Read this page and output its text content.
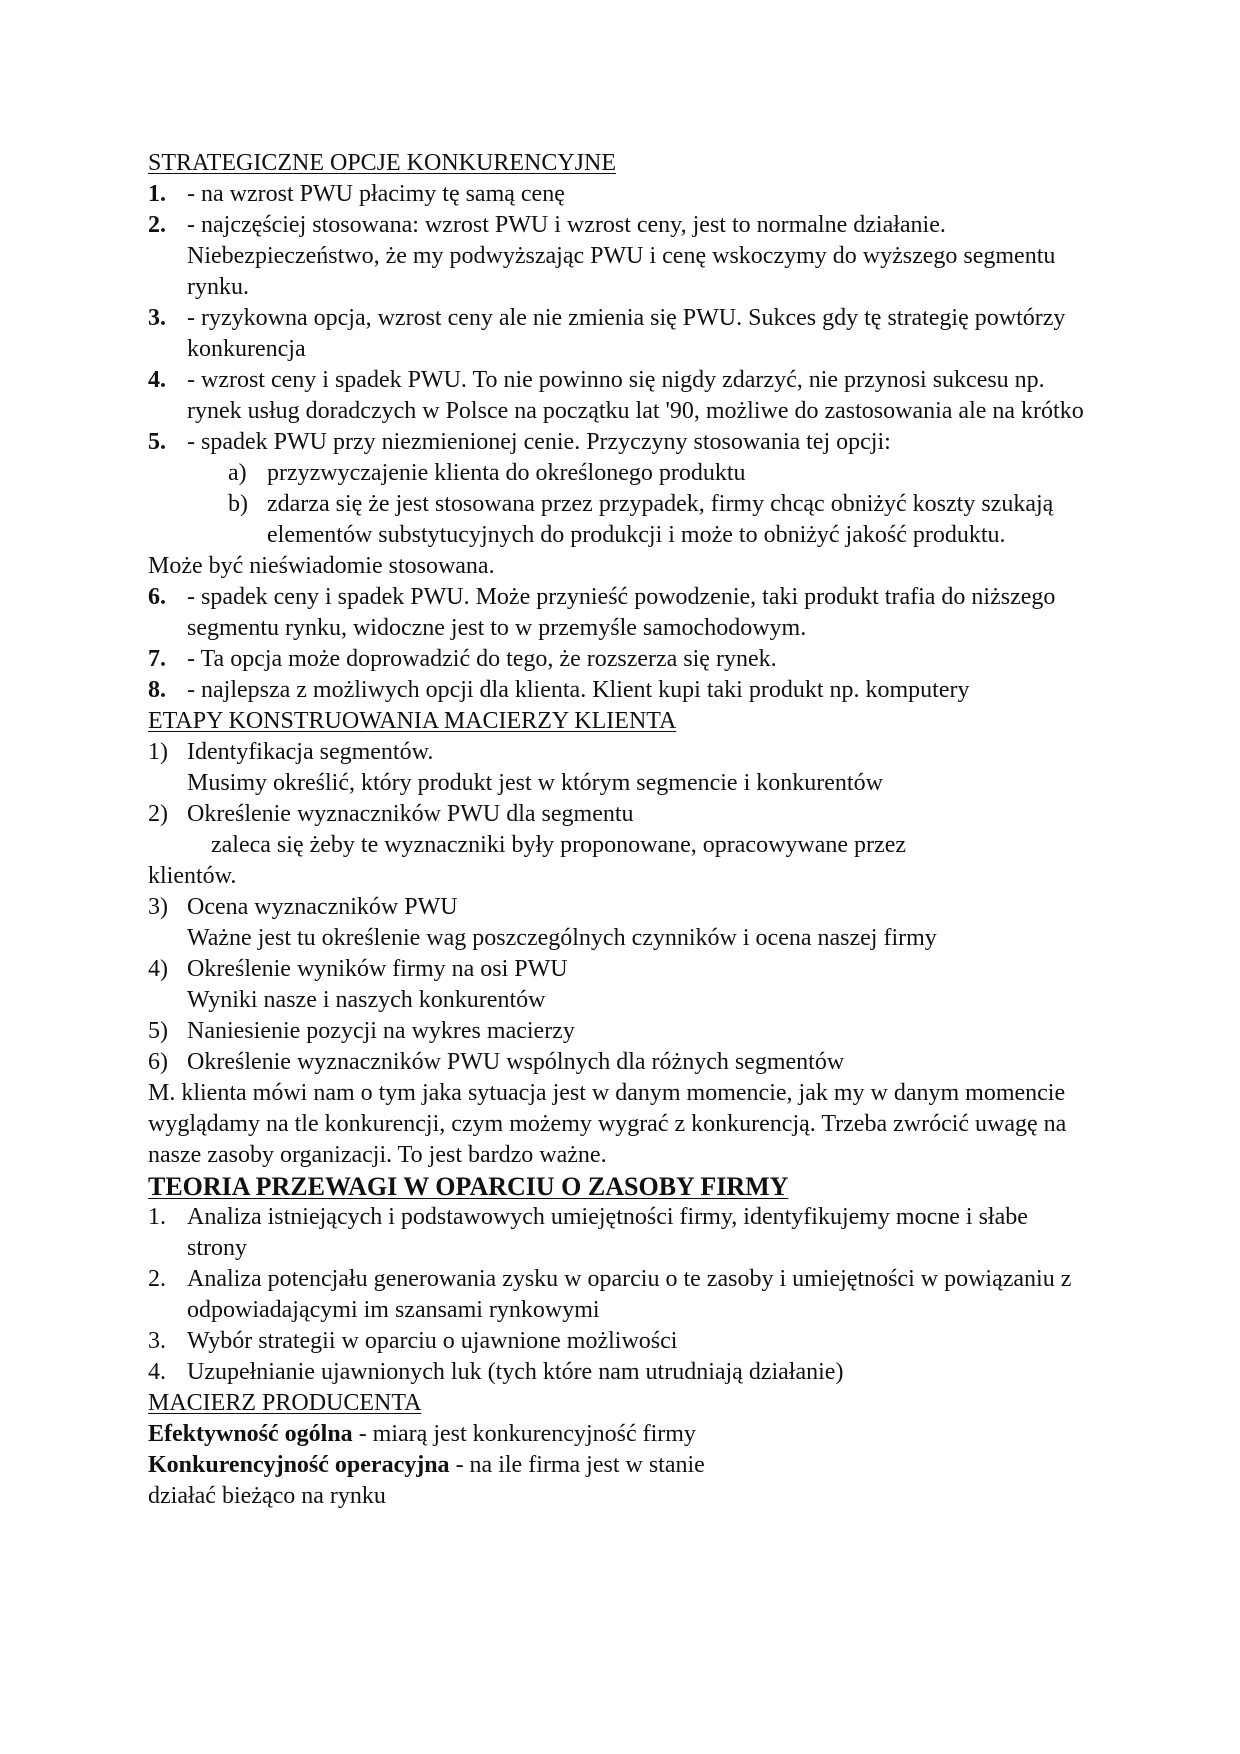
STRATEGICZNE OPCJE KONKURENCYJNE
1. - na wzrost PWU płacimy tę samą cenę
2. - najczęściej stosowana: wzrost PWU i wzrost ceny, jest to normalne działanie. Niebezpieczeństwo, że my podwyższając PWU i cenę wskoczymy do wyższego segmentu rynku.
3. - ryzykowna opcja, wzrost ceny ale nie zmienia się PWU. Sukces gdy tę strategię powtórzy konkurencja
4. - wzrost ceny i spadek PWU. To nie powinno się nigdy zdarzyć, nie przynosi sukcesu np. rynek usług doradczych w Polsce na początku lat '90, możliwe do zastosowania ale na krótko
5. - spadek PWU przy niezmienionej cenie. Przyczyny stosowania tej opcji:
a) przyzwyczajenie klienta do określonego produktu
b) zdarza się że jest stosowana przez przypadek, firmy chcąc obniżyć koszty szukają elementów substytucyjnych do produkcji i może to obniżyć jakość produktu.
Może być nieświadomie stosowana.
6. - spadek ceny i spadek PWU. Może przynieść powodzenie, taki produkt trafia do niższego segmentu rynku, widoczne jest to w przemyśle samochodowym.
7. - Ta opcja może doprowadzić do tego, że rozszerza się rynek.
8. - najlepsza z możliwych opcji dla klienta. Klient kupi taki produkt np. komputery
ETAPY KONSTRUOWANIA MACIERZY KLIENTA
1) Identyfikacja segmentów.
Musimy określić, który produkt jest w którym segmencie i konkurentów
2) Określenie wyznaczników PWU dla segmentu
zaleca się żeby te wyznaczniki były proponowane, opracowywane przez
klientów.
3) Ocena wyznaczników PWU
Ważne jest tu określenie wag poszczególnych czynników i ocena naszej firmy
4) Określenie wyników firmy na osi PWU
Wyniki nasze i naszych konkurentów
5) Naniesienie pozycji na wykres macierzy
6) Określenie wyznaczników PWU wspólnych dla różnych segmentów
M. klienta mówi nam o tym jaka sytuacja jest w danym momencie, jak my w danym momencie wyglądamy na tle konkurencji, czym możemy wygrać z konkurencją. Trzeba zwrócić uwagę na nasze zasoby organizacji. To jest bardzo ważne.
TEORIA PRZEWAGI W OPARCIU O ZASOBY FIRMY
1. Analiza istniejących i podstawowych umiejętności firmy, identyfikujemy mocne i słabe strony
2. Analiza potencjału generowania zysku w oparciu o te zasoby i umiejętności w powiązaniu z odpowiadającymi im szansami rynkowymi
3. Wybór strategii w oparciu o ujawnione możliwości
4. Uzupełnianie ujawnionych luk (tych które nam utrudniają działanie)
MACIERZ PRODUCENTA
Efektywność ogólna - miarą jest konkurencyjność firmy
Konkurencyjność operacyjna - na ile firma jest w stanie
działać bieżąco na rynku
